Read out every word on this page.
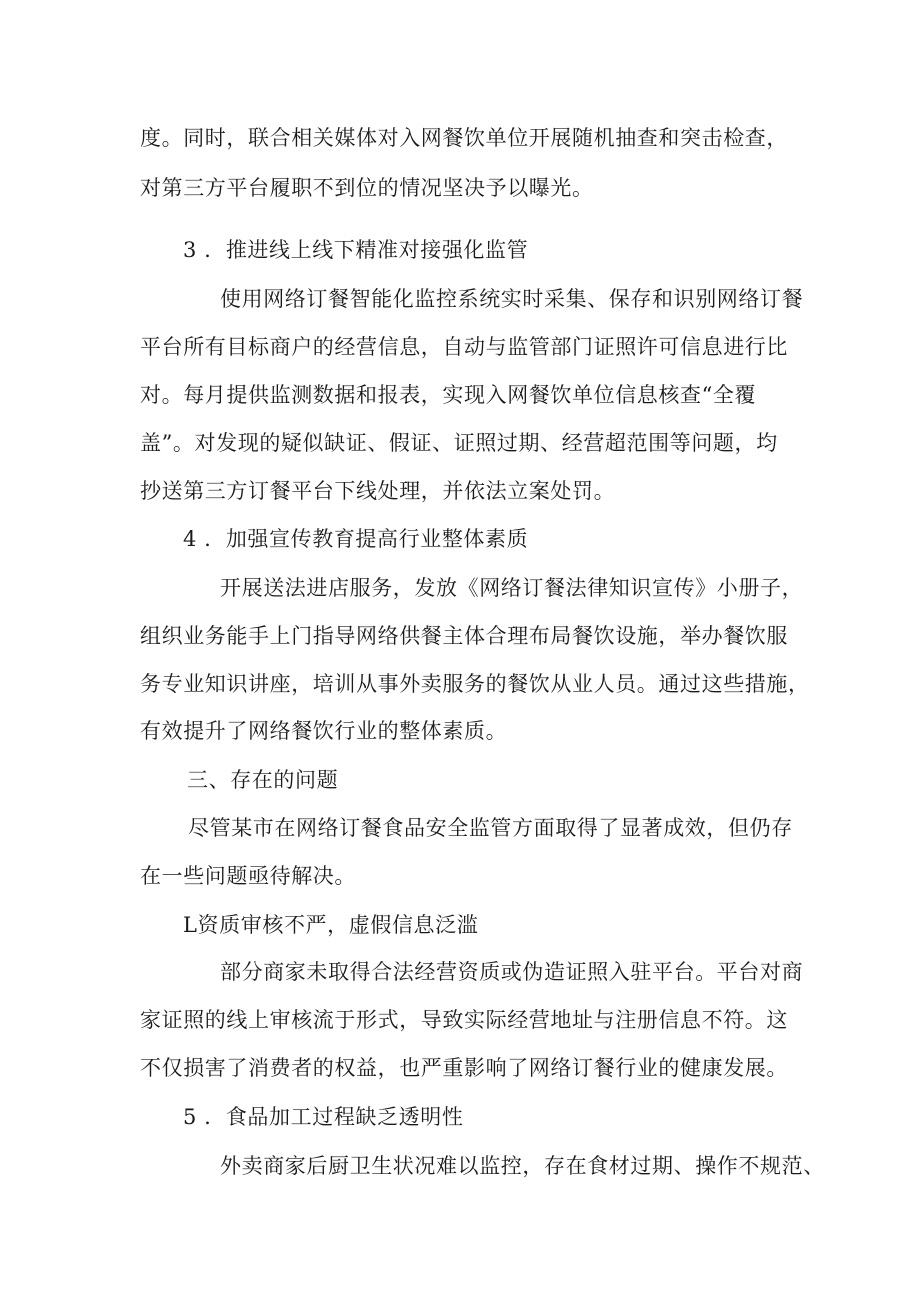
度。同时，联合相关媒体对入网餐饮单位开展随机抽查和突击检查，
对第三方平台履职不到位的情况坚决予以曝光。
3 ．推进线上线下精准对接强化监管
使用网络订餐智能化监控系统实时采集、保存和识别网络订餐
平台所有目标商户的经营信息，自动与监管部门证照许可信息进行比
对。每月提供监测数据和报表，实现入网餐饮单位信息核查“全覆
盖”。对发现的疑似缺证、假证、证照过期、经营超范围等问题，均
抄送第三方订餐平台下线处理，并依法立案处罚。
4 ．加强宣传教育提高行业整体素质
开展送法进店服务，发放《网络订餐法律知识宣传》小册子，
组织业务能手上门指导网络供餐主体合理布局餐饮设施，举办餐饮服
务专业知识讲座，培训从事外卖服务的餐饮从业人员。通过这些措施，
有效提升了网络餐饮行业的整体素质。
三、存在的问题
尽管某市在网络订餐食品安全监管方面取得了显著成效，但仍存
在一些问题亟待解决。
L资质审核不严，虚假信息泛滥
部分商家未取得合法经营资质或伪造证照入驻平台。平台对商
家证照的线上审核流于形式，导致实际经营地址与注册信息不符。这
不仅损害了消费者的权益，也严重影响了网络订餐行业的健康发展。
5 ．食品加工过程缺乏透明性
外卖商家后厨卫生状况难以监控，存在食材过期、操作不规范、
